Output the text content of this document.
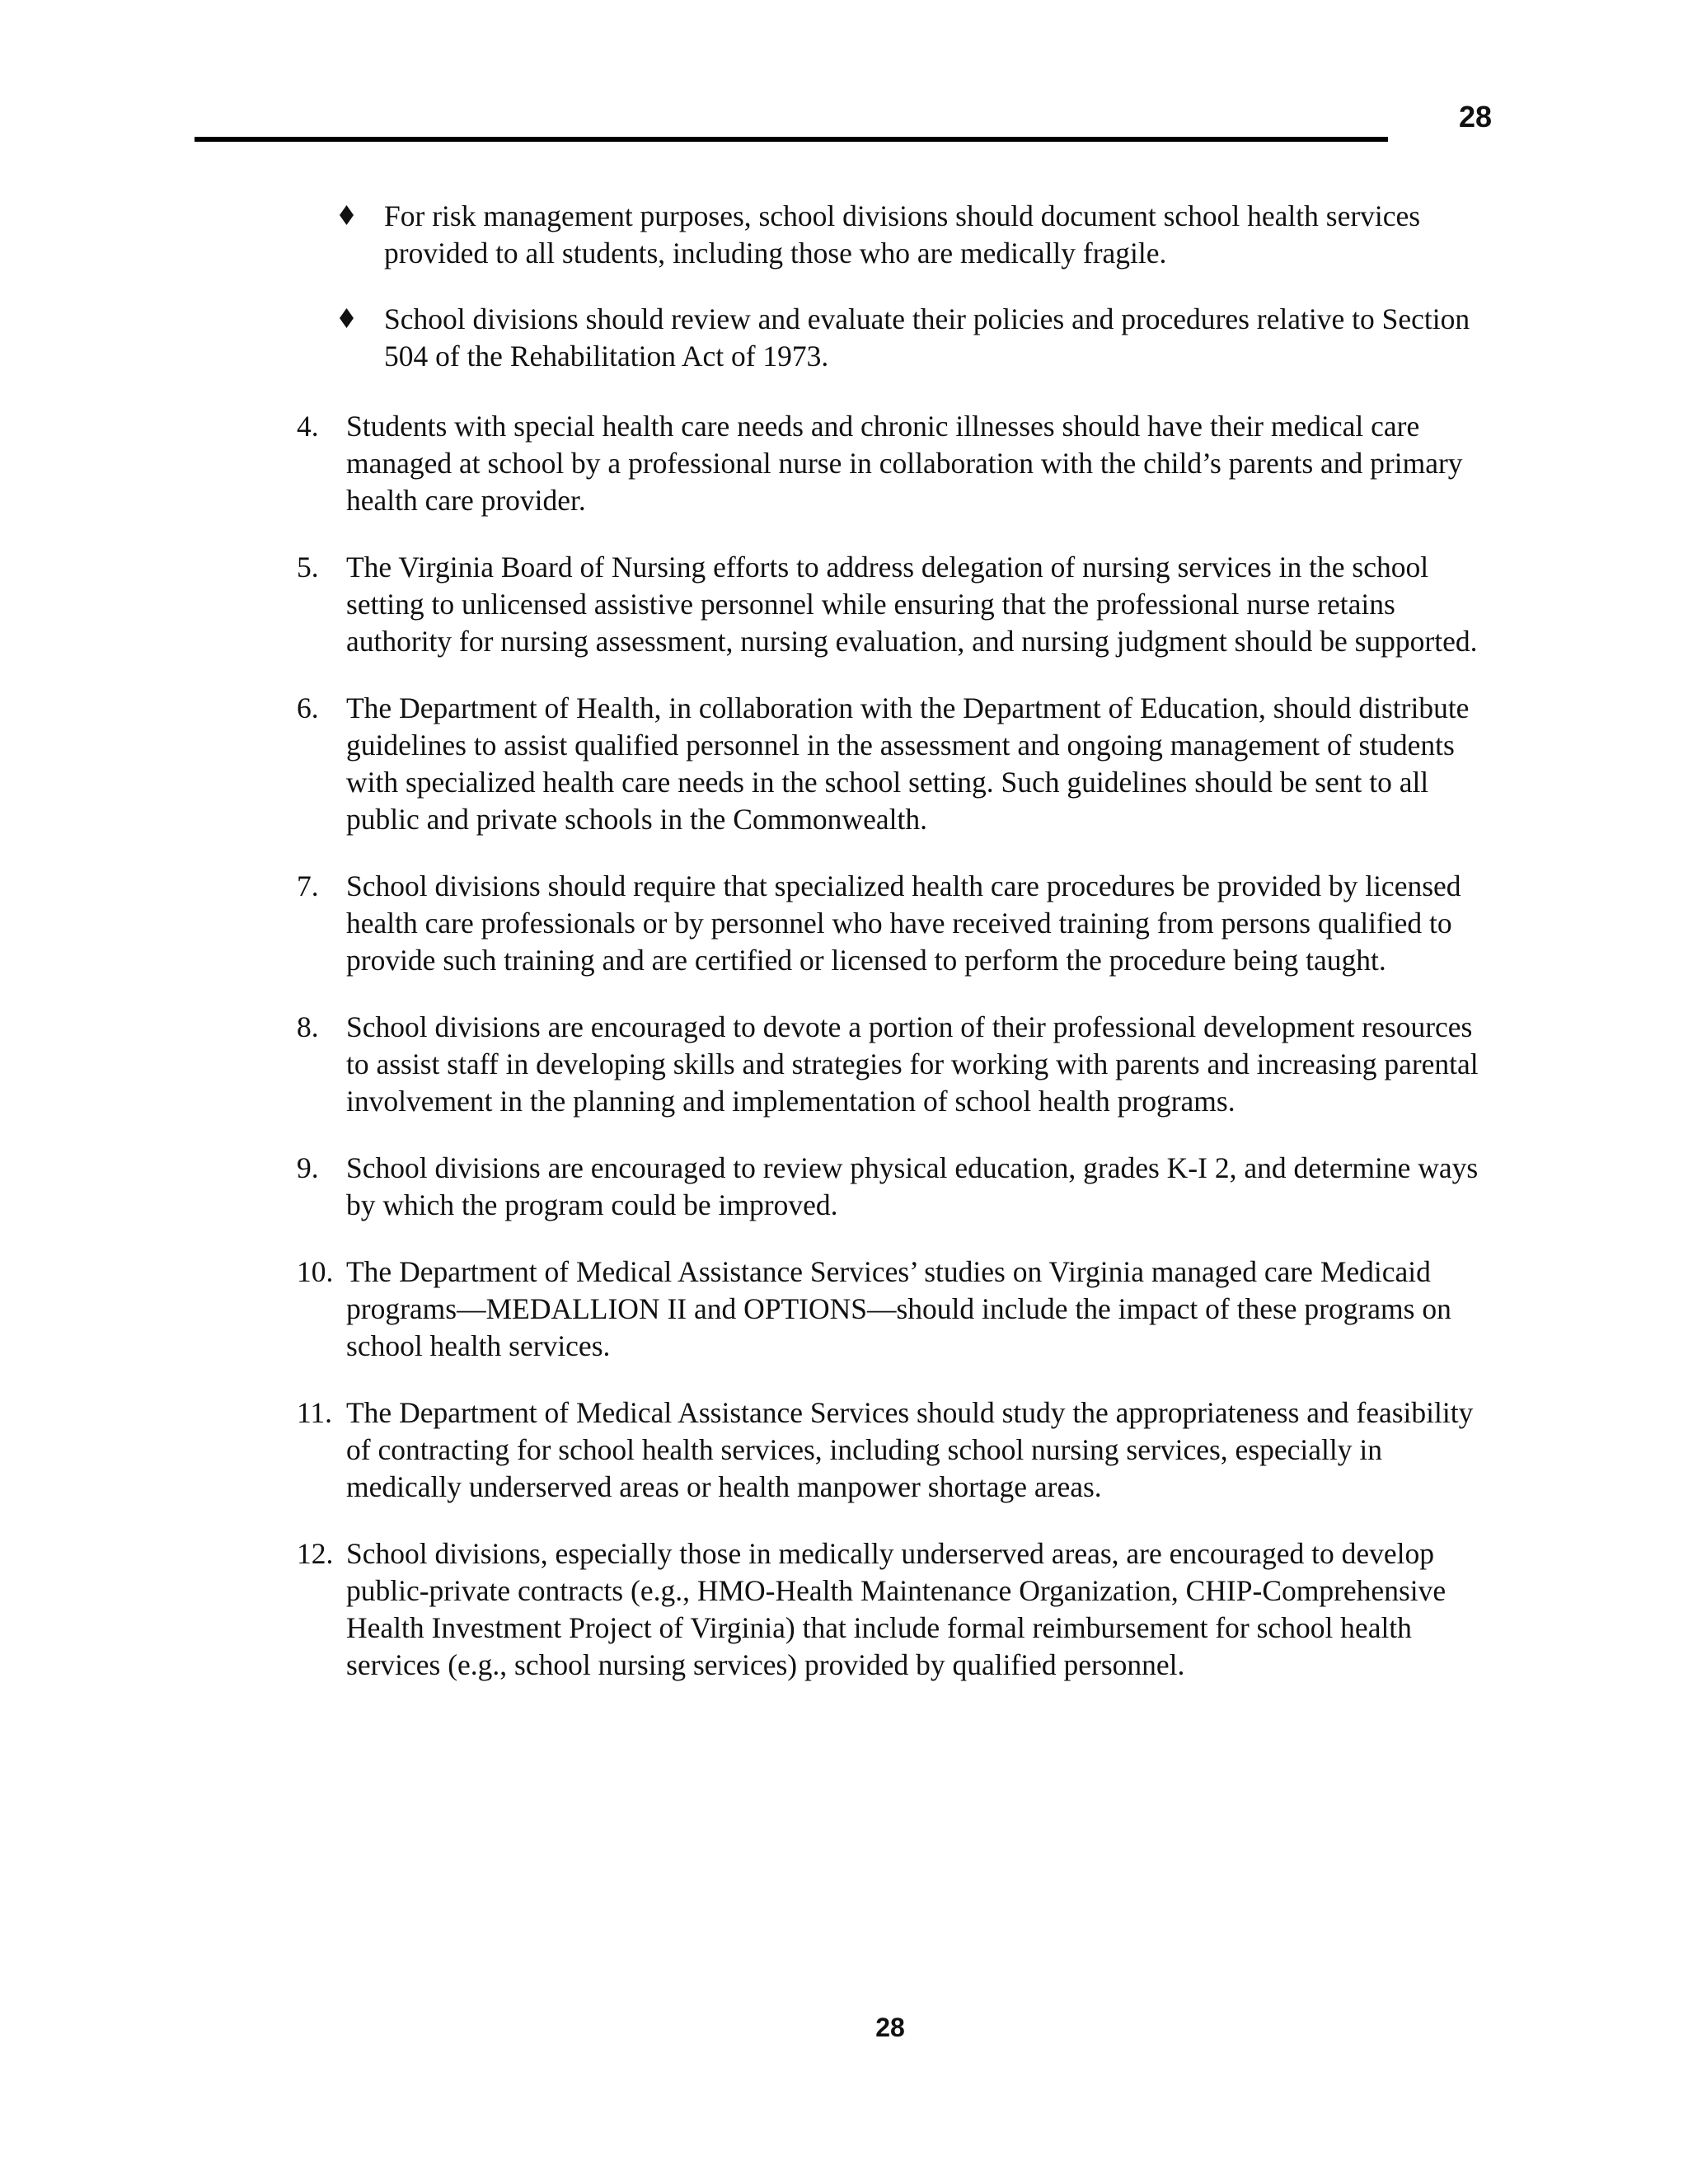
28
For risk management purposes, school divisions should document school health services provided to all students, including those who are medically fragile.
School divisions should review and evaluate their policies and procedures relative to Section 504 of the Rehabilitation Act of 1973.
4. Students with special health care needs and chronic illnesses should have their medical care managed at school by a professional nurse in collaboration with the child’s parents and primary health care provider.
5. The Virginia Board of Nursing efforts to address delegation of nursing services in the school setting to unlicensed assistive personnel while ensuring that the professional nurse retains authority for nursing assessment, nursing evaluation, and nursing judgment should be supported.
6. The Department of Health, in collaboration with the Department of Education, should distribute guidelines to assist qualified personnel in the assessment and ongoing management of students with specialized health care needs in the school setting. Such guidelines should be sent to all public and private schools in the Commonwealth.
7. School divisions should require that specialized health care procedures be provided by licensed health care professionals or by personnel who have received training from persons qualified to provide such training and are certified or licensed to perform the procedure being taught.
8. School divisions are encouraged to devote a portion of their professional development resources to assist staff in developing skills and strategies for working with parents and increasing parental involvement in the planning and implementation of school health programs.
9. School divisions are encouraged to review physical education, grades K-I 2, and determine ways by which the program could be improved.
10. The Department of Medical Assistance Services’ studies on Virginia managed care Medicaid programs—MEDALLION II and OPTIONS—should include the impact of these programs on school health services.
11. The Department of Medical Assistance Services should study the appropriateness and feasibility of contracting for school health services, including school nursing services, especially in medically underserved areas or health manpower shortage areas.
12. School divisions, especially those in medically underserved areas, are encouraged to develop public-private contracts (e.g., HMO-Health Maintenance Organization, CHIP-Comprehensive Health Investment Project of Virginia) that include formal reimbursement for school health services (e.g., school nursing services) provided by qualified personnel.
28
